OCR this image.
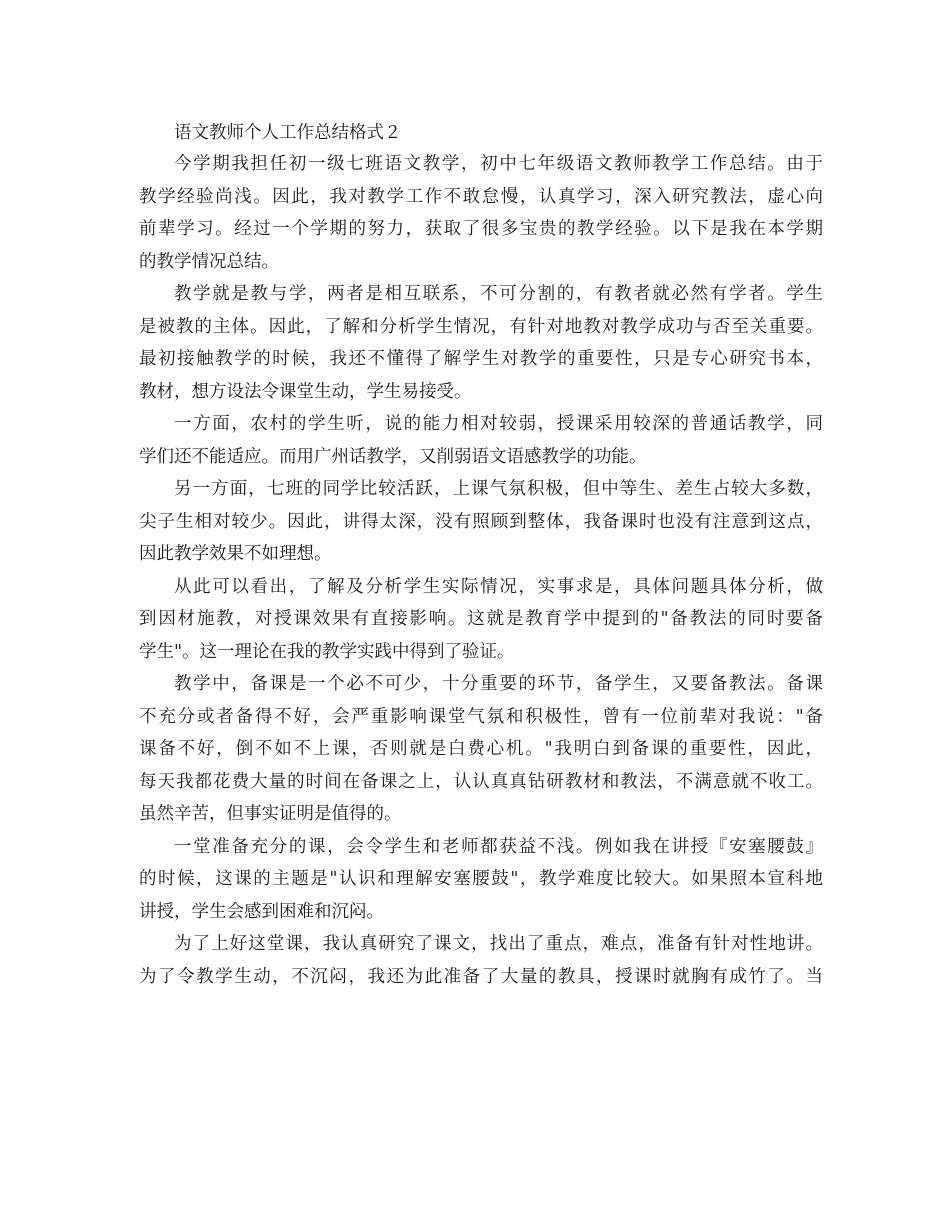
语文教师个人工作总结格式２
今学期我担任初一级七班语文教学，初中七年级语文教师教学工作总结。由于
教学经验尚浅。因此，我对教学工作不敢怠慢，认真学习，深入研究教法，虚心向
前辈学习。经过一个学期的努力，获取了很多宝贵的教学经验。以下是我在本学期
的教学情况总结。
教学就是教与学，两者是相互联系，不可分割的，有教者就必然有学者。学生
是被教的主体。因此，了解和分析学生情况，有针对地教对教学成功与否至关重要。
最初接触教学的时候，我还不懂得了解学生对教学的重要性，只是专心研究书本，
教材，想方设法令课堂生动，学生易接受。
一方面，农村的学生听，说的能力相对较弱，授课采用较深的普通话教学，同
学们还不能适应。而用广州话教学，又削弱语文语感教学的功能。
另一方面，七班的同学比较活跃，上课气氛积极，但中等生、差生占较大多数，
尖子生相对较少。因此，讲得太深，没有照顾到整体，我备课时也没有注意到这点，
因此教学效果不如理想。
从此可以看出，了解及分析学生实际情况，实事求是，具体问题具体分析，做
到因材施教，对授课效果有直接影响。这就是教育学中提到的"备教法的同时要备
学生"。这一理论在我的教学实践中得到了验证。
教学中，备课是一个必不可少，十分重要的环节，备学生，又要备教法。备课
不充分或者备得不好，会严重影响课堂气氛和积极性，曾有一位前辈对我说："备
课备不好，倒不如不上课，否则就是白费心机。"我明白到备课的重要性，因此，
每天我都花费大量的时间在备课之上，认认真真钻研教材和教法，不满意就不收工。
虽然辛苦，但事实证明是值得的。
一堂准备充分的课，会令学生和老师都获益不浅。例如我在讲授『安塞腰鼓』
的时候，这课的主题是"认识和理解安塞腰鼓"，教学难度比较大。如果照本宣科地
讲授，学生会感到困难和沉闷。
为了上好这堂课，我认真研究了课文，找出了重点，难点，准备有针对性地讲。
为了令教学生动，不沉闷，我还为此准备了大量的教具，授课时就胸有成竹了。当
